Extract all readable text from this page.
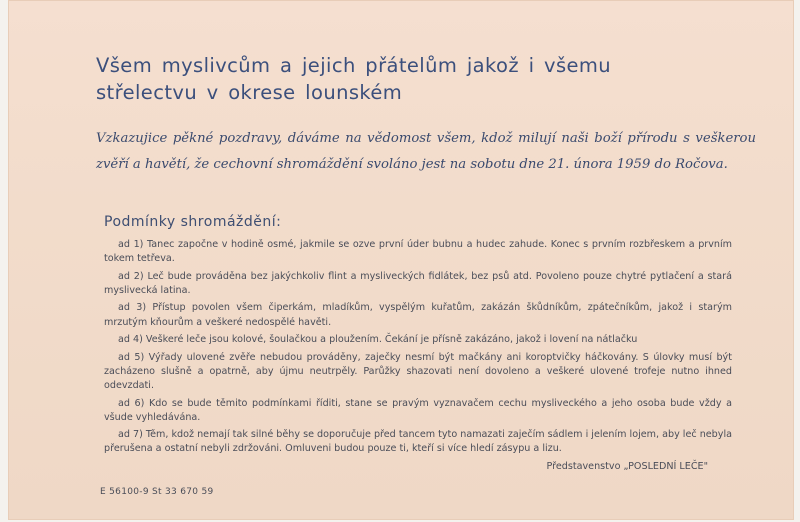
Všem myslivcům a jejich přátelům jakož i všemu
střelectvu v okrese lounském
Vzkazujice pěkné pozdravy, dáváme na vědomost všem, kdož milují naši boží přírodu s veškerou zvěří a havětí, že cechovní shromáždění svoláno jest na sobotu dne 21. února 1959 do Ročova.
Podmínky shromáždění:

ad 1) Tanec započne v hodině osmé, jakmile se ozve první úder bubnu a hudec zahude. Konec s prvním rozbřeskem a prvním tokem tetřeva.

ad 2) Leč bude prováděna bez jakýchkoliv flint a mysliveckých fidlátek, bez psů atd. Povoleno pouze chytré pytlačení a stará myslivecká latina.

ad 3) Přístup povolen všem čiperkám, mladíkům, vyspělým kuřatům, zakázán škůdníkům, zpátečníkům, jakož i starým mrzutým kňourům a veškeré nedospělé havěti.

ad 4) Veškeré leče jsou kolové, šoulačkou a ploužením. Čekání je přísně zakázáno, jakož i lovení na nátlačku

ad 5) Výřady ulovené zvěře nebudou prováděny, zaječky nesmí být mačkány ani koroptvičky háčkovány. S úlovky musí být zacházeno slušně a opatrně, aby újmu neutrpěly. Parůžky shazovati není dovoleno a veškeré ulovené trofeje nutno ihned odevzdati.

ad 6) Kdo se bude těmito podmínkami říditi, stane se pravým vyznavačem cechu mysliveckého a jeho osoba bude vždy a všude vyhledávána.

ad 7) Těm, kdož nemají tak silné běhy se doporučuje před tancem tyto namazati zaječím sádlem i jelením lojem, aby leč nebyla přerušena a ostatní nebyli zdržováni. Omluveni budou pouze ti, kteří si více hledí zásypu a lizu.

Představenstvo „POSLEDNÍ LEČE"
E 56100-9 St 33 670 59
